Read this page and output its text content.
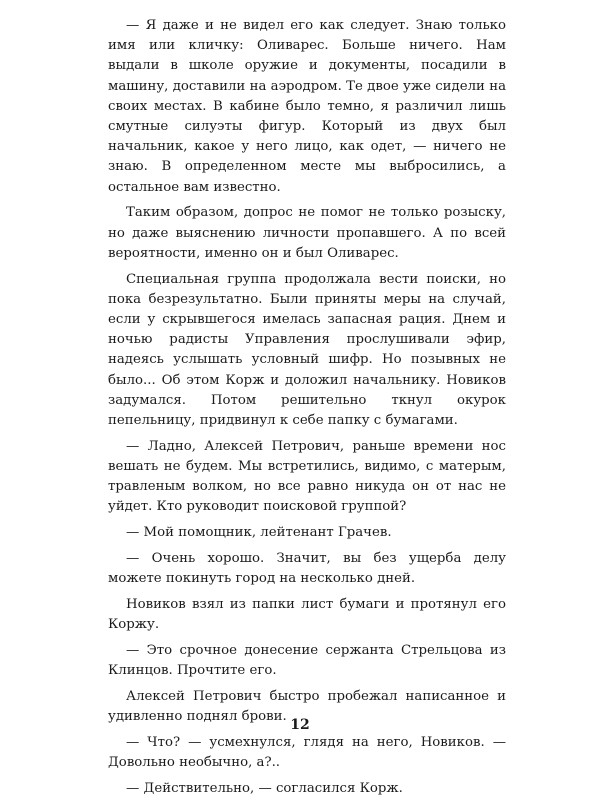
— Я даже и не видел его как следует. Знаю только имя или кличку: Оливарес. Больше ничего. Нам выдали в школе оружие и документы, посадили в машину, доставили на аэродром. Те двое уже сидели на своих местах. В кабине было темно, я различил лишь смутные силуэты фигур. Который из двух был начальник, какое у него лицо, как одет, — ничего не знаю. В определенном месте мы выбросились, а остальное вам известно.

Таким образом, допрос не помог не только розыску, но даже выяснению личности пропавшего. А по всей вероятности, именно он и был Оливарес.

Специальная группа продолжала вести поиски, но пока безрезультатно. Были приняты меры на случай, если у скрывшегося имелась запасная рация. Днем и ночью радисты Управления прослушивали эфир, надеясь услышать условный шифр. Но позывных не было... Об этом Корж и доложил начальнику. Новиков задумался. Потом решительно ткнул окурок пепельницу, придвинул к себе папку с бумагами.

— Ладно, Алексей Петрович, раньше времени нос вешать не будем. Мы встретились, видимо, с матерым, травленым волком, но все равно никуда он от нас не уйдет. Кто руководит поисковой группой?

— Мой помощник, лейтенант Грачев.

— Очень хорошо. Значит, вы без ущерба делу можете покинуть город на несколько дней.

Новиков взял из папки лист бумаги и протянул его Коржу.

— Это срочное донесение сержанта Стрельцова из Клинцов. Прочтите его.

Алексей Петрович быстро пробежал написанное и удивленно поднял брови.

— Что? — усмехнулся, глядя на него, Новиков. — Довольно необычно, а?..

— Действительно, — согласился Корж.

12
